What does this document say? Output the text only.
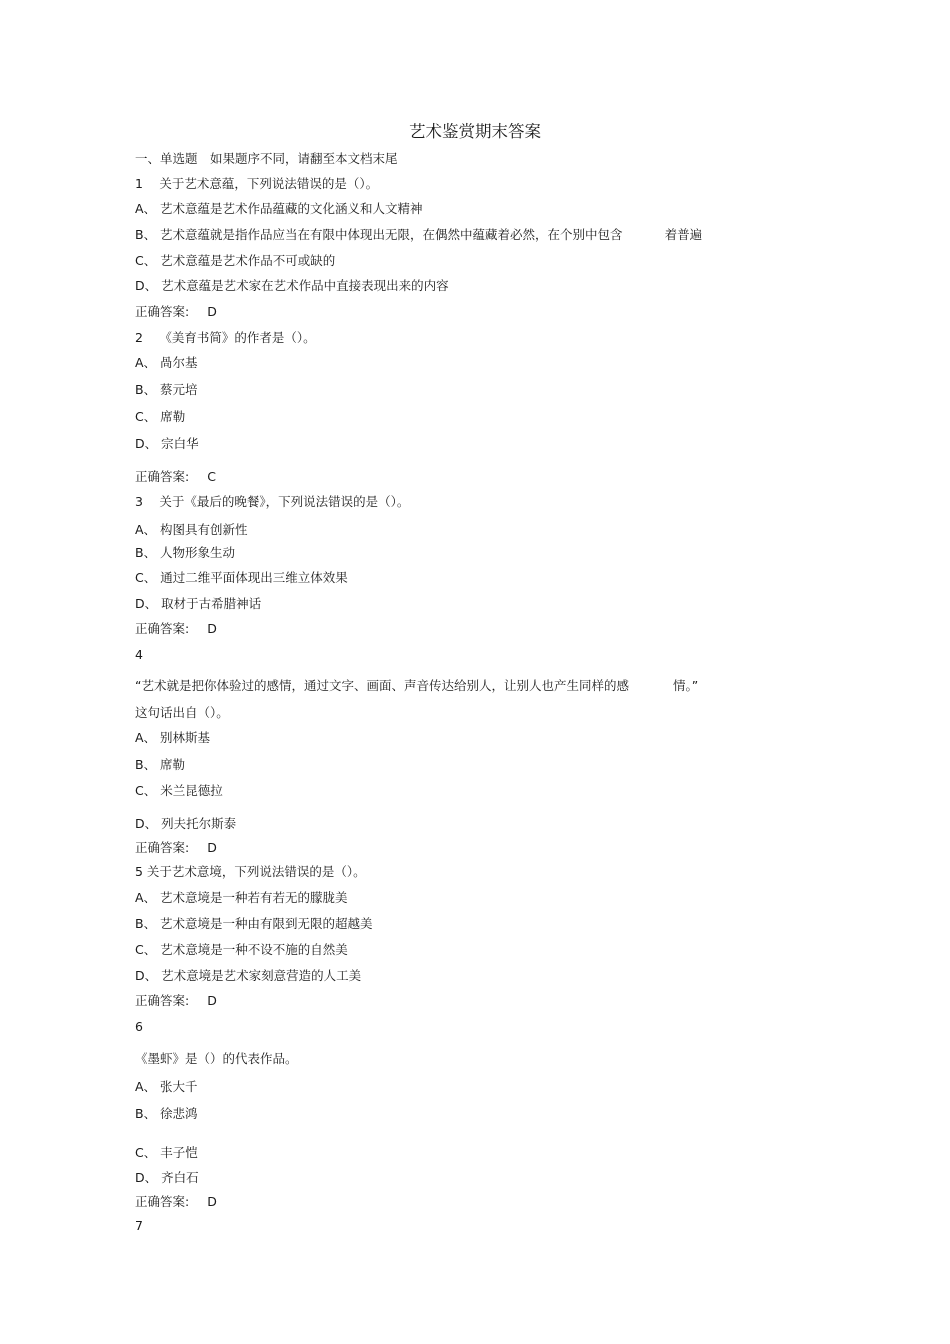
艺术鉴赏期末答案
一、单选题　如果题序不同，请翻至本文档末尾
1　 关于艺术意蕴，下列说法错误的是（）。
A、 艺术意蕴是艺术作品蕴藏的文化涵义和人文精神
B、 艺术意蕴就是指作品应当在有限中体现出无限，在偶然中蕴藏着必然，在个别中包含	着普遍
C、 艺术意蕴是艺术作品不可或缺的
D、 艺术意蕴是艺术家在艺术作品中直接表现出来的内容
正确答案: D
2　 《美育书简》的作者是（）。
A、 咼尔基
B、 蔡元培
C、 席勒
D、 宗白华
正确答案: C
3　 关于《最后的晚餐》，下列说法错误的是（）。
A、 构图具有创新性
B、 人物形象生动
C、 通过二维平面体现出三维立体效果
D、 取材于古希腊神话
正确答案: D
4
“艺术就是把你体验过的感情，通过文字、画面、声音传达给别人，让别人也产生同样的感	情。”
这句话出自（）。
A、 别林斯基
B、 席勒
C、 米兰昆德拉
D、 列夫托尔斯泰
正确答案: D
5 关于艺术意境，下列说法错误的是（）。
A、 艺术意境是一种若有若无的朦胧美
B、 艺术意境是一种由有限到无限的超越美
C、 艺术意境是一种不设不施的自然美
D、 艺术意境是艺术家刻意营造的人工美
正确答案: D
6
《墨虾》是（）的代表作品。
A、 张大千
B、 徐悲鸿
C、 丰子恺
D、 齐白石
正确答案: D
7
